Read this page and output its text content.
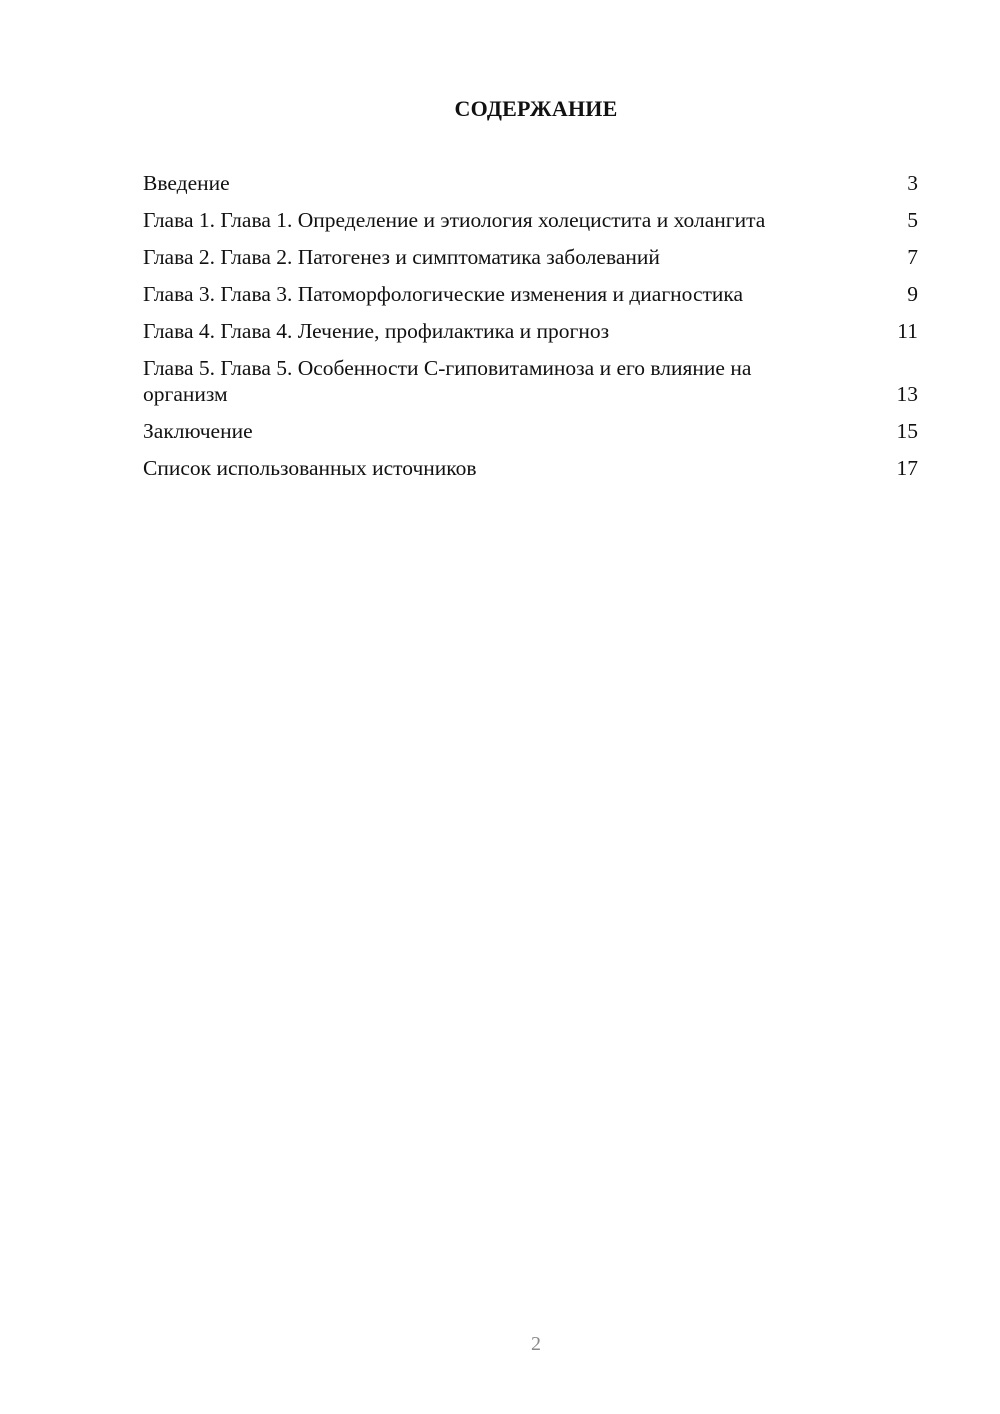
СОДЕРЖАНИЕ
Введение	3
Глава 1. Глава 1. Определение и этиология холецистита и холангита	5
Глава 2. Глава 2. Патогенез и симптоматика заболеваний	7
Глава 3. Глава 3. Патоморфологические изменения и диагностика	9
Глава 4. Глава 4. Лечение, профилактика и прогноз	11
Глава 5. Глава 5. Особенности С-гиповитаминоза и его влияние на организм	13
Заключение	15
Список использованных источников	17
2
